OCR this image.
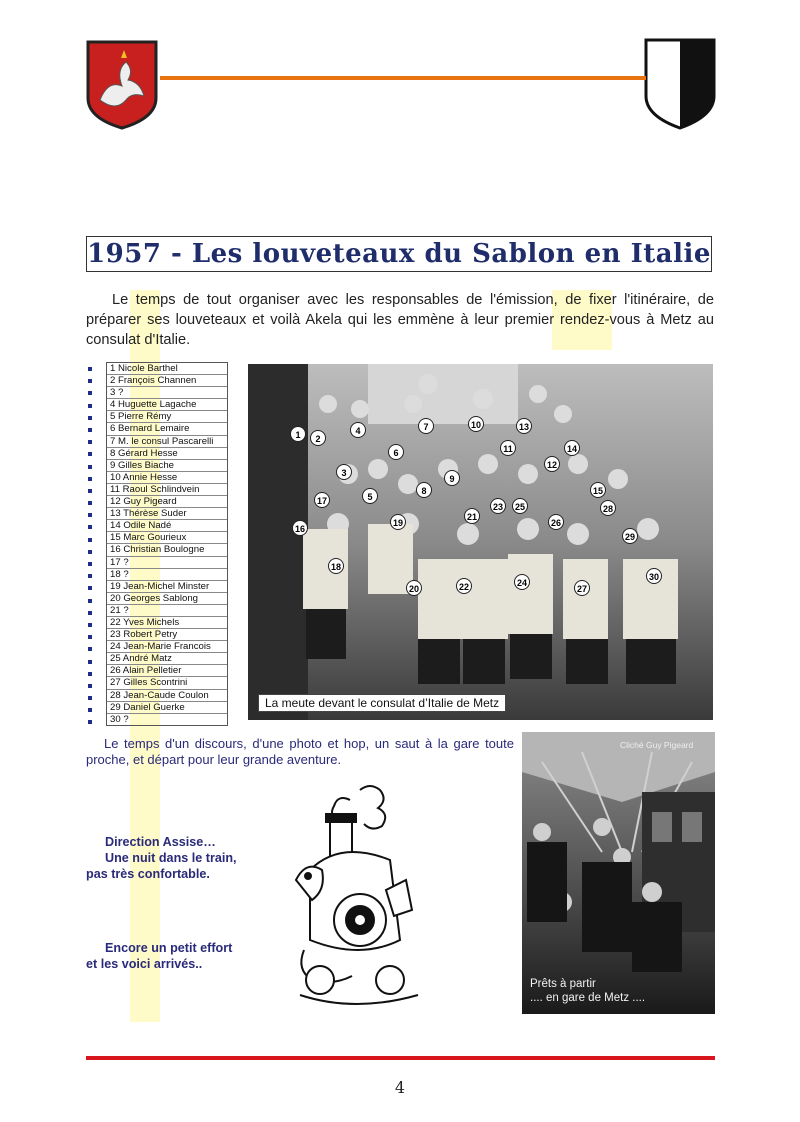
1957 - Les louveteaux du Sablon en Italie

Le temps de tout organiser avec les responsables de l'émission, de fixer l'itinéraire, de préparer ses louveteaux et voilà Akela qui les emmène à leur premier rendez-vous à Metz au consulat d'Italie.

1 Nicole Barthel
2 François Channen
3 ?
4 Huguette Lagache
5 Pierre Rémy
6 Bernard Lemaire
7 M. le consul Pascarelli
8 Gérard Hesse
9 Gilles Biache
10 Annie Hesse
11 Raoul Schlindvein
12 Guy Pigeard
13 Thérèse Suder
14 Odile Nadé
15 Marc Gourieux
16 Christian Boulogne
17 ?
18 ?
19 Jean-Michel Minster
20 Georges Sablong
21 ?
22 Yves Michels
23 Robert Petry
24 Jean-Marie Francois
25 André Matz
26 Alain Pelletier
27 Gilles Scontrini
28 Jean-Caude Coulon
29 Daniel Guerke
30 ?
1	2
3
4
5
6
7
8
9
10
11
12
13
14
15
16
17
18
19
20
21
22
23
24
25
26
27
28
29
30
La meute devant le consulat d’Italie de Metz

Le temps d'un discours, d'une photo et hop, un saut à la gare toute proche, et départ pour leur grande aventure.

Direction Assise…
Une nuit dans le train,
pas très confortable.
Encore un petit effort
et les voici arrivés..
Cliché Guy Pigeard
Prêts à partir
.... en gare de Metz ....
4
